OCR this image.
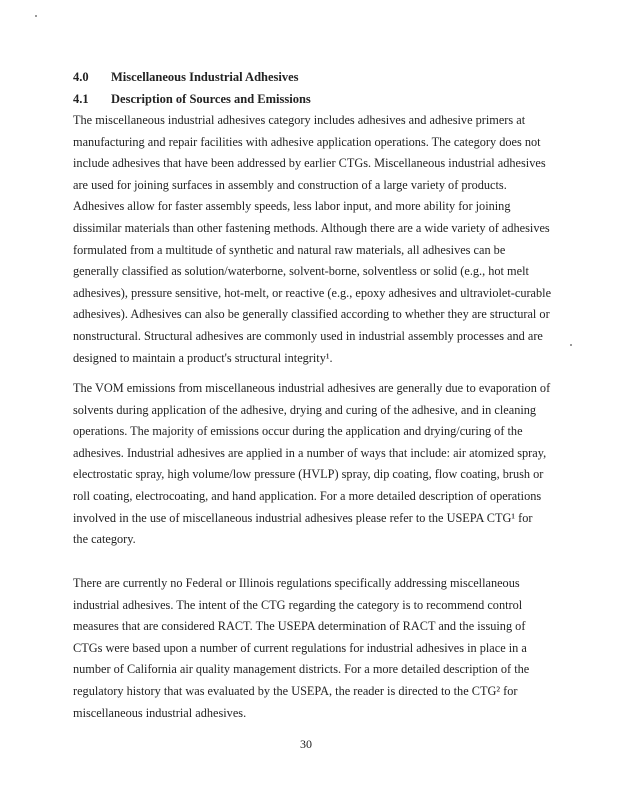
4.0 Miscellaneous Industrial Adhesives
4.1 Description of Sources and Emissions
The miscellaneous industrial adhesives category includes adhesives and adhesive primers at
manufacturing and repair facilities with adhesive application operations. The category does not
include adhesives that have been addressed by earlier CTGs. Miscellaneous industrial adhesives
are used for joining surfaces in assembly and construction of a large variety of products.
Adhesives allow for faster assembly speeds, less labor input, and more ability for joining
dissimilar materials than other fastening methods. Although there are a wide variety of adhesives
formulated from a multitude of synthetic and natural raw materials, all adhesives can be
generally classified as solution/waterborne, solvent-borne, solventless or solid (e.g., hot melt
adhesives), pressure sensitive, hot-melt, or reactive (e.g., epoxy adhesives and ultraviolet-curable
adhesives). Adhesives can also be generally classified according to whether they are structural or
nonstructural. Structural adhesives are commonly used in industrial assembly processes and are
designed to maintain a product's structural integrity¹.
The VOM emissions from miscellaneous industrial adhesives are generally due to evaporation of
solvents during application of the adhesive, drying and curing of the adhesive, and in cleaning
operations. The majority of emissions occur during the application and drying/curing of the
adhesives. Industrial adhesives are applied in a number of ways that include: air atomized spray,
electrostatic spray, high volume/low pressure (HVLP) spray, dip coating, flow coating, brush or
roll coating, electrocoating, and hand application. For a more detailed description of operations
involved in the use of miscellaneous industrial adhesives please refer to the USEPA CTG¹ for
the category.
There are currently no Federal or Illinois regulations specifically addressing miscellaneous
industrial adhesives. The intent of the CTG regarding the category is to recommend control
measures that are considered RACT. The USEPA determination of RACT and the issuing of
CTGs were based upon a number of current regulations for industrial adhesives in place in a
number of California air quality management districts. For a more detailed description of the
regulatory history that was evaluated by the USEPA, the reader is directed to the CTG² for
miscellaneous industrial adhesives.
30
